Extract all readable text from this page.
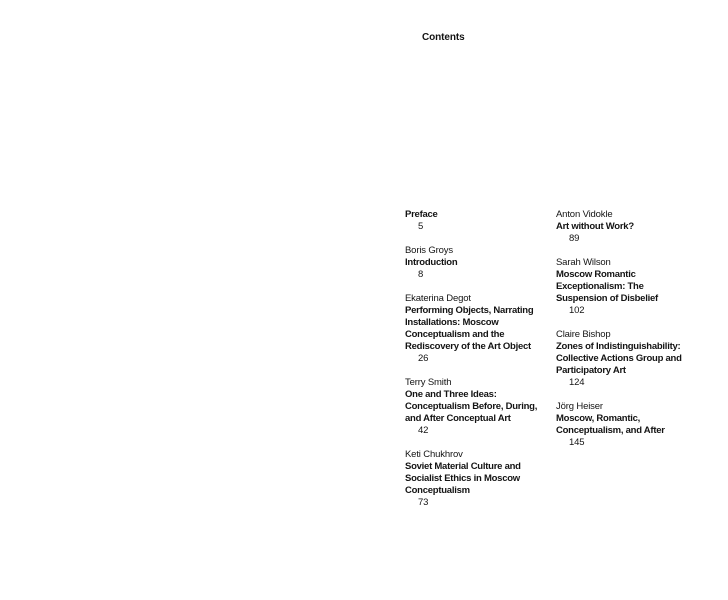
Contents
Preface
5
Boris Groys
Introduction
8
Ekaterina Degot
Performing Objects, Narrating
Installations: Moscow
Conceptualism and the
Rediscovery of the Art Object
26
Terry Smith
One and Three Ideas:
Conceptualism Before, During,
and After Conceptual Art
42
Keti Chukhrov
Soviet Material Culture and
Socialist Ethics in Moscow
Conceptualism
73
Anton Vidokle
Art without Work?
89
Sarah Wilson
Moscow Romantic
Exceptionalism: The
Suspension of Disbelief
102
Claire Bishop
Zones of Indistinguishability:
Collective Actions Group and
Participatory Art
124
Jörg Heiser
Moscow, Romantic,
Conceptualism, and After
145
